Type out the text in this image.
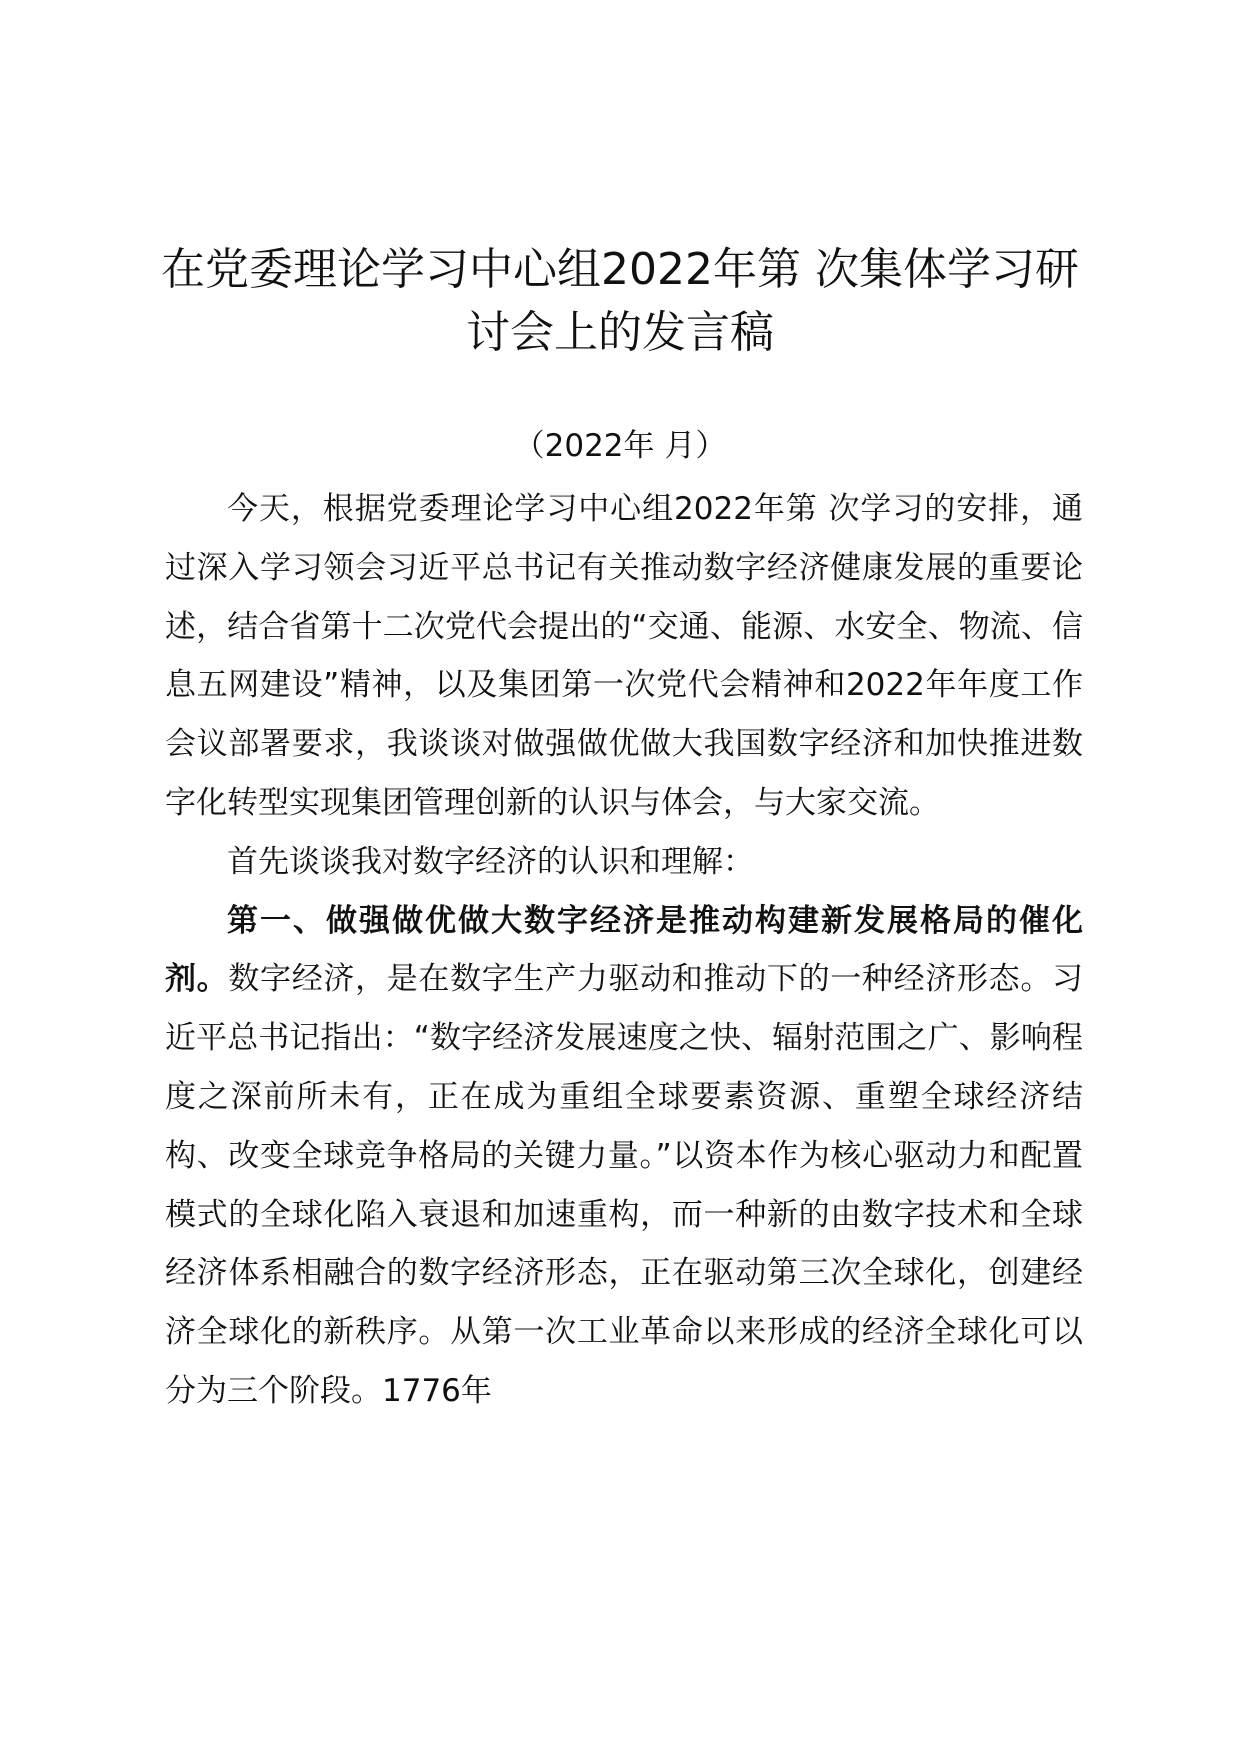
在党委理论学习中心组2022年第 次集体学习研讨会上的发言稿
（2022年 月）

今天，根据党委理论学习中心组2022年第 次学习的安排，通过深入学习领会习近平总书记有关推动数字经济健康发展的重要论述，结合省第十二次党代会提出的“交通、能源、水安全、物流、信息五网建设”精神，以及集团第一次党代会精神和2022年年度工作会议部署要求，我谈谈对做强做优做大我国数字经济和加快推进数字化转型实现集团管理创新的认识与体会，与大家交流。

首先谈谈我对数字经济的认识和理解：

第一、做强做优做大数字经济是推动构建新发展格局的催化剂。数字经济，是在数字生产力驱动和推动下的一种经济形态。习近平总书记指出：“数字经济发展速度之快、辐射范围之广、影响程度之深前所未有，正在成为重组全球要素资源、重塑全球经济结构、改变全球竞争格局的关键力量。”以资本作为核心驱动力和配置模式的全球化陷入衰退和加速重构，而一种新的由数字技术和全球经济体系相融合的数字经济形态，正在驱动第三次全球化，创建经济全球化的新秩序。从第一次工业革命以来形成的经济全球化可以分为三个阶段。1776年
